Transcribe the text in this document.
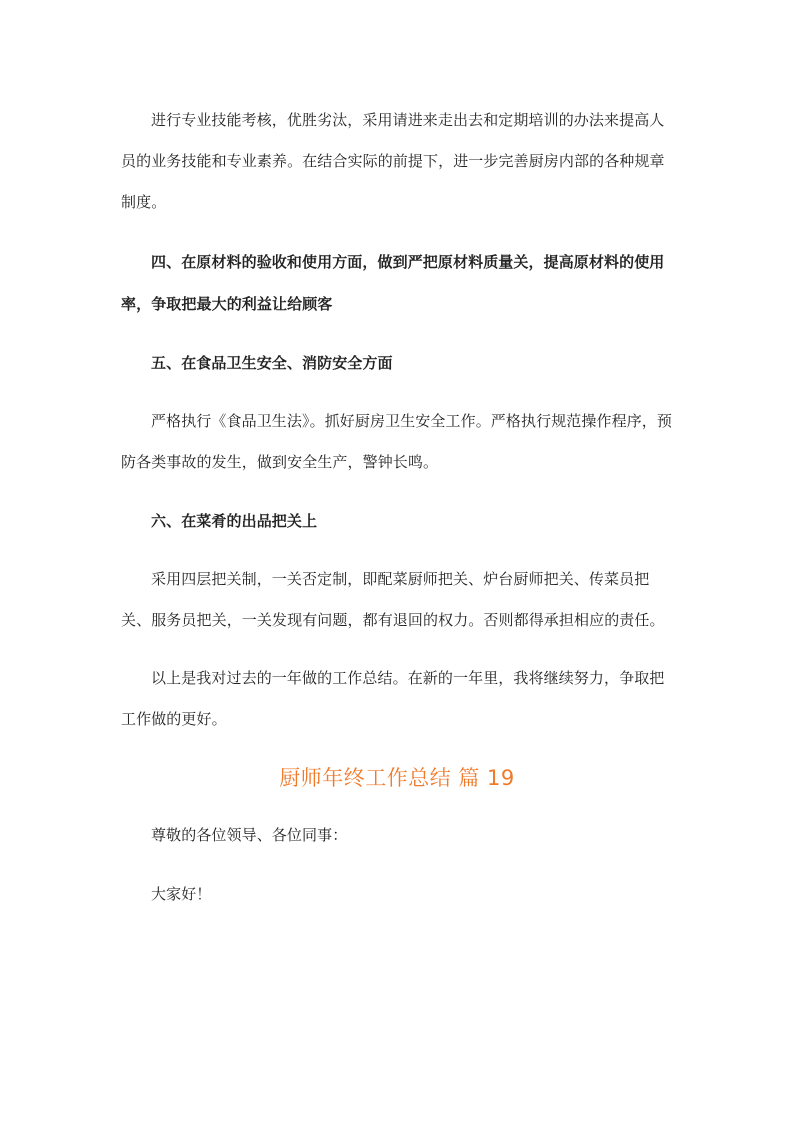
进行专业技能考核，优胜劣汰，采用请进来走出去和定期培训的办法来提高人员的业务技能和专业素养。在结合实际的前提下，进一步完善厨房内部的各种规章制度。

四、在原材料的验收和使用方面，做到严把原材料质量关，提高原材料的使用率，争取把最大的利益让给顾客

五、在食品卫生安全、消防安全方面

严格执行《食品卫生法》。抓好厨房卫生安全工作。严格执行规范操作程序，预防各类事故的发生，做到安全生产，警钟长鸣。

六、在菜肴的出品把关上

采用四层把关制，一关否定制，即配菜厨师把关、炉台厨师把关、传菜员把关、服务员把关，一关发现有问题，都有退回的权力。否则都得承担相应的责任。

以上是我对过去的一年做的工作总结。在新的一年里，我将继续努力，争取把工作做的更好。

厨师年终工作总结 篇 19

尊敬的各位领导、各位同事：

大家好！
